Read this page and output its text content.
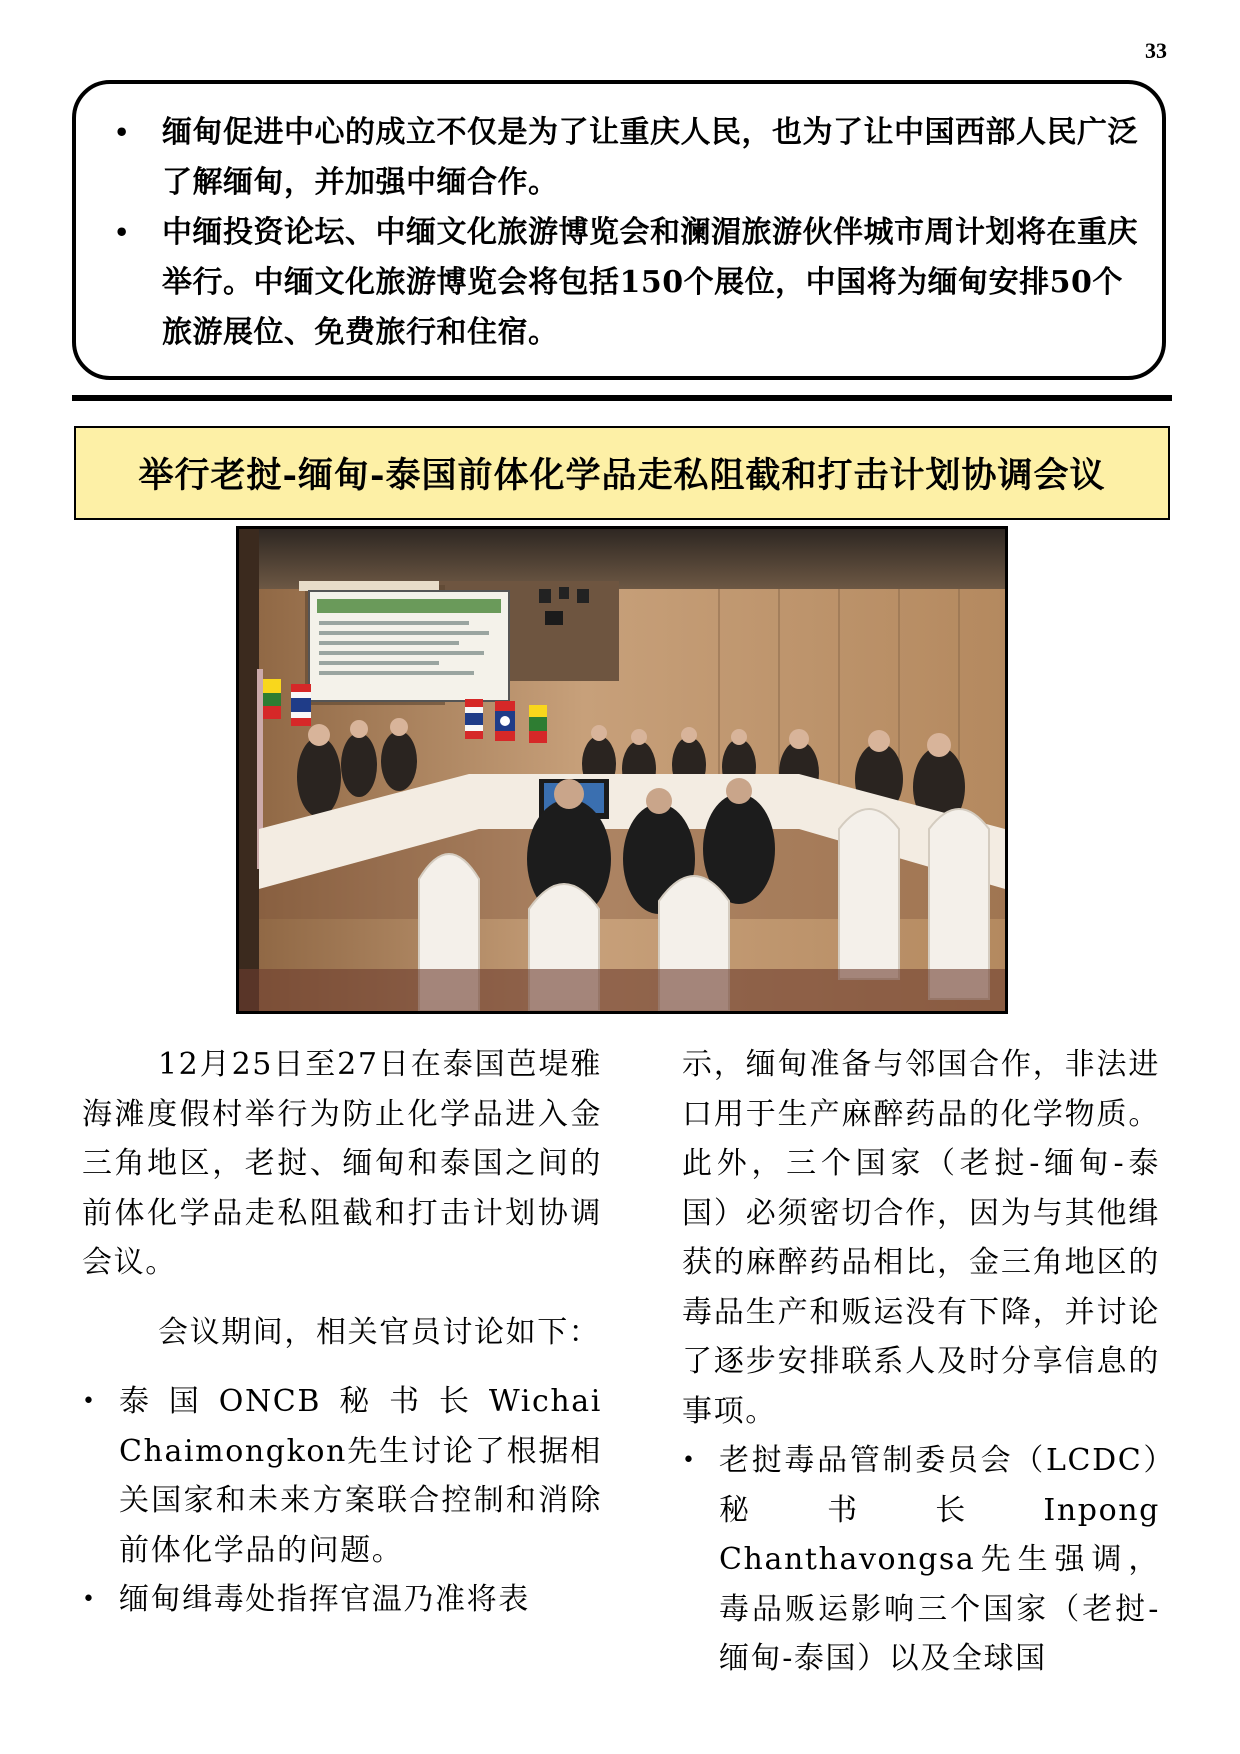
33
• 缅甸促进中心的成立不仅是为了让重庆人民，也为了让中国西部人民广泛了解缅甸，并加强中缅合作。
• 中缅投资论坛、中缅文化旅游博览会和澜湄旅游伙伴城市周计划将在重庆举行。中缅文化旅游博览会将包括150个展位，中国将为缅甸安排50个旅游展位、免费旅行和住宿。
举行老挝-缅甸-泰国前体化学品走私阻截和打击计划协调会议

12月25日至27日在泰国芭堤雅海滩度假村举行为防止化学品进入金三角地区，老挝、缅甸和泰国之间的前体化学品走私阻截和打击计划协调会议。

会议期间，相关官员讨论如下：

• 泰国ONCB秘书长Wichai Chaimongkon先生讨论了根据相关国家和未来方案联合控制和消除前体化学品的问题。
• 缅甸缉毒处指挥官温乃准将表

示，缅甸准备与邻国合作，非法进口用于生产麻醉药品的化学物质。此外，三个国家（老挝-缅甸-泰国）必须密切合作，因为与其他缉获的麻醉药品相比，金三角地区的毒品生产和贩运没有下降，并讨论了逐步安排联系人及时分享信息的事项。

• 老挝毒品管制委员会（LCDC）秘书长Inpong Chanthavongsa先生强调，毒品贩运影响三个国家（老挝-缅甸-泰国）以及全球国
